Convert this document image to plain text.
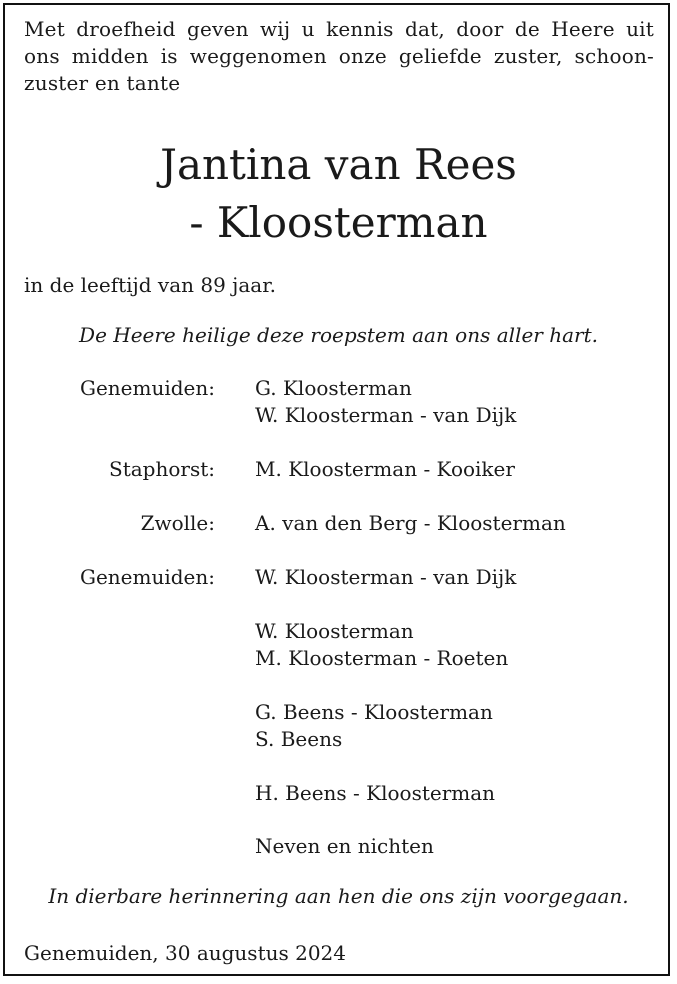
Met droefheid geven wij u kennis dat, door de Heere uit
ons midden is weggenomen onze geliefde zuster, schoon-
zuster en tante
Jantina van Rees
- Kloosterman
in de leeftijd van 89 jaar.
De Heere heilige deze roepstem aan ons aller hart.
Genemuiden: G. Kloosterman
W. Kloosterman - van Dijk
Staphorst: M. Kloosterman - Kooiker
Zwolle: A. van den Berg - Kloosterman
Genemuiden: W. Kloosterman - van Dijk
W. Kloosterman
M. Kloosterman - Roeten
G. Beens - Kloosterman
S. Beens
H. Beens - Kloosterman
Neven en nichten
In dierbare herinnering aan hen die ons zijn voorgegaan.
Genemuiden, 30 augustus 2024
